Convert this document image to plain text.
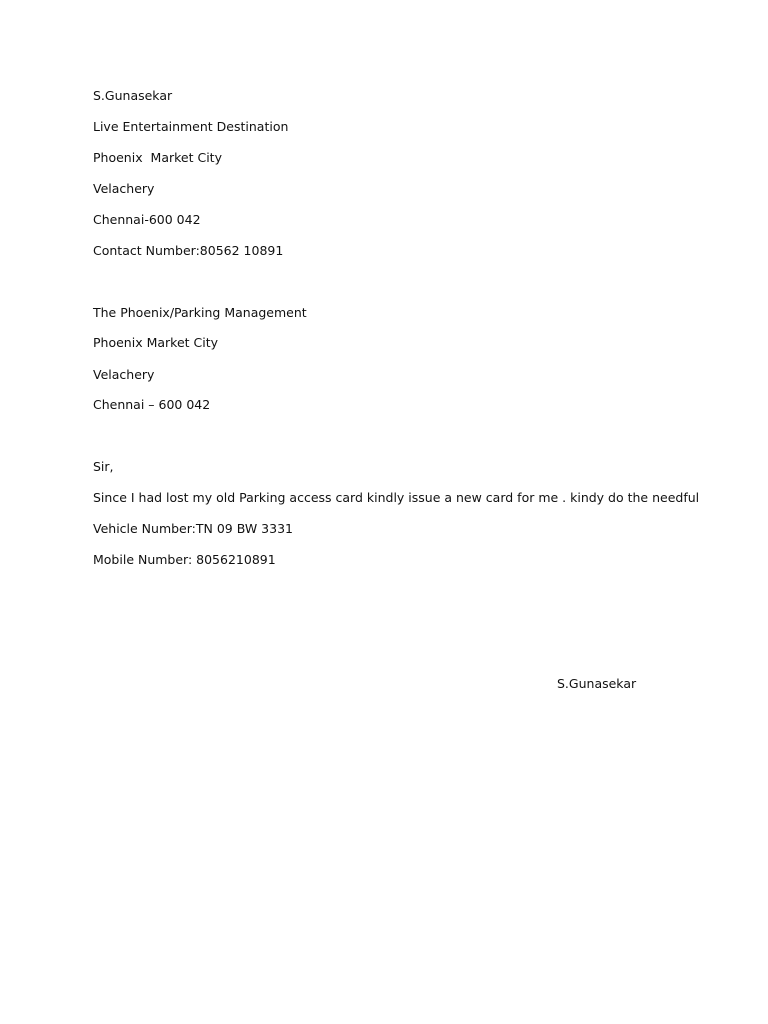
S.Gunasekar
Live Entertainment Destination
Phoenix  Market City
Velachery
Chennai-600 042
Contact Number:80562 10891
The Phoenix/Parking Management
Phoenix Market City
Velachery
Chennai – 600 042
Sir,
Since I had lost my old Parking access card kindly issue a new card for me . kindy do the needful
Vehicle Number:TN 09 BW 3331
Mobile Number: 8056210891
S.Gunasekar
